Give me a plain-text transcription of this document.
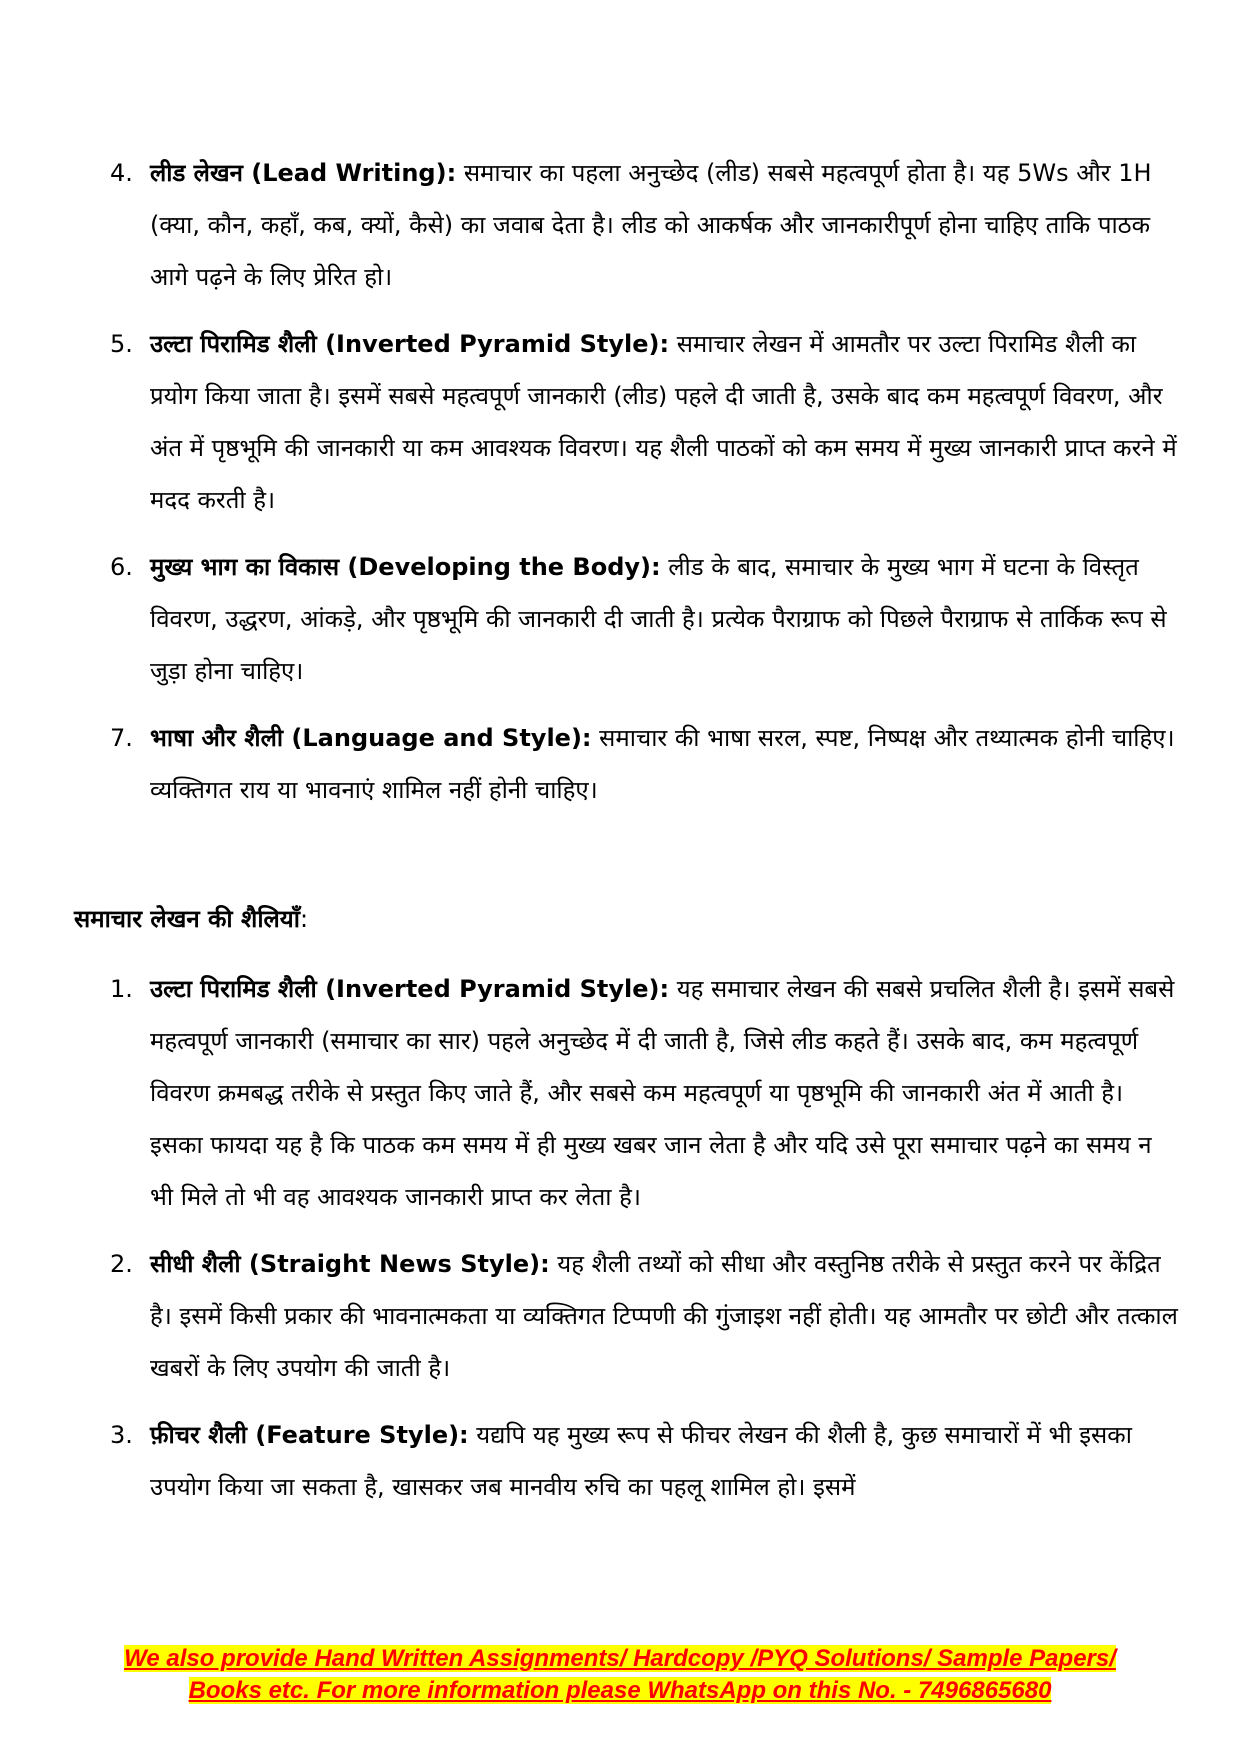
4. लीड लेखन (Lead Writing): समाचार का पहला अनुच्छेद (लीड) सबसे महत्वपूर्ण होता है। यह 5Ws और 1H (क्या, कौन, कहाँ, कब, क्यों, कैसे) का जवाब देता है। लीड को आकर्षक और जानकारीपूर्ण होना चाहिए ताकि पाठक आगे पढ़ने के लिए प्रेरित हो।
5. उल्टा पिरामिड शैली (Inverted Pyramid Style): समाचार लेखन में आमतौर पर उल्टा पिरामिड शैली का प्रयोग किया जाता है। इसमें सबसे महत्वपूर्ण जानकारी (लीड) पहले दी जाती है, उसके बाद कम महत्वपूर्ण विवरण, और अंत में पृष्ठभूमि की जानकारी या कम आवश्यक विवरण। यह शैली पाठकों को कम समय में मुख्य जानकारी प्राप्त करने में मदद करती है।
6. मुख्य भाग का विकास (Developing the Body): लीड के बाद, समाचार के मुख्य भाग में घटना के विस्तृत विवरण, उद्धरण, आंकड़े, और पृष्ठभूमि की जानकारी दी जाती है। प्रत्येक पैराग्राफ को पिछले पैराग्राफ से तार्किक रूप से जुड़ा होना चाहिए।
7. भाषा और शैली (Language and Style): समाचार की भाषा सरल, स्पष्ट, निष्पक्ष और तथ्यात्मक होनी चाहिए। व्यक्तिगत राय या भावनाएं शामिल नहीं होनी चाहिए।
समाचार लेखन की शैलियाँ:
1. उल्टा पिरामिड शैली (Inverted Pyramid Style): यह समाचार लेखन की सबसे प्रचलित शैली है। इसमें सबसे महत्वपूर्ण जानकारी (समाचार का सार) पहले अनुच्छेद में दी जाती है, जिसे लीड कहते हैं। उसके बाद, कम महत्वपूर्ण विवरण क्रमबद्ध तरीके से प्रस्तुत किए जाते हैं, और सबसे कम महत्वपूर्ण या पृष्ठभूमि की जानकारी अंत में आती है। इसका फायदा यह है कि पाठक कम समय में ही मुख्य खबर जान लेता है और यदि उसे पूरा समाचार पढ़ने का समय न भी मिले तो भी वह आवश्यक जानकारी प्राप्त कर लेता है।
2. सीधी शैली (Straight News Style): यह शैली तथ्यों को सीधा और वस्तुनिष्ठ तरीके से प्रस्तुत करने पर केंद्रित है। इसमें किसी प्रकार की भावनात्मकता या व्यक्तिगत टिप्पणी की गुंजाइश नहीं होती। यह आमतौर पर छोटी और तत्काल खबरों के लिए उपयोग की जाती है।
3. फ़ीचर शैली (Feature Style): यद्यपि यह मुख्य रूप से फीचर लेखन की शैली है, कुछ समाचारों में भी इसका उपयोग किया जा सकता है, खासकर जब मानवीय रुचि का पहलू शामिल हो। इसमें
We also provide Hand Written Assignments/ Hardcopy /PYQ Solutions/ Sample Papers/
Books etc. For more information please WhatsApp on this No. - 7496865680
